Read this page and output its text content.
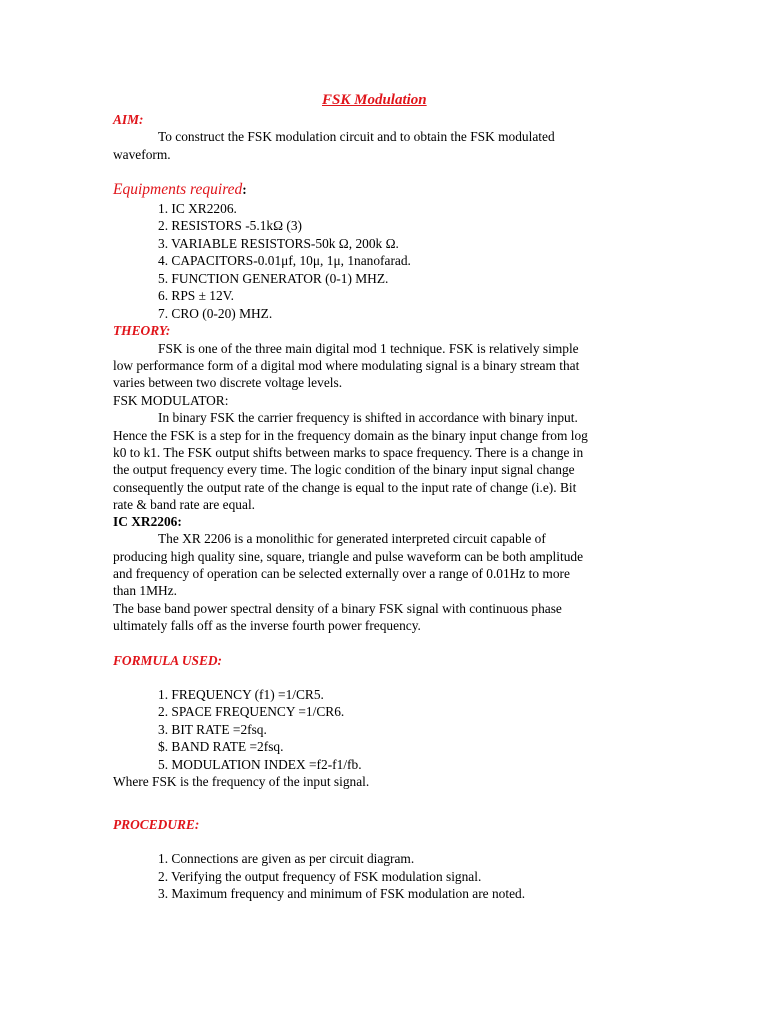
FSK Modulation
AIM:
To construct the FSK modulation circuit and to obtain the FSK modulated
waveform.
Equipments required:
1. IC XR2206.
2. RESISTORS -5.1kΩ (3)
3. VARIABLE RESISTORS-50k Ω, 200k Ω.
4. CAPACITORS-0.01μf, 10μ, 1μ, 1nanofarad.
5. FUNCTION GENERATOR (0-1) MHZ.
6. RPS ± 12V.
7. CRO (0-20) MHZ.
THEORY:
FSK is one of the three main digital mod 1 technique. FSK is relatively simple
low performance form of a digital mod where modulating signal is a binary stream that
varies between two discrete voltage levels.
FSK MODULATOR:
In binary FSK the carrier frequency is shifted in accordance with binary input.
Hence the FSK is a step for in the frequency domain as the binary input change from log
k0 to k1. The FSK output shifts between marks to space frequency. There is a change in
the output frequency every time. The logic condition of the binary input signal change
consequently the output rate of the change is equal to the input rate of change (i.e). Bit
rate & band rate are equal.
IC XR2206:
The XR 2206 is a monolithic for generated interpreted circuit capable of
producing high quality sine, square, triangle and pulse waveform can be both amplitude
and frequency of operation can be selected externally over a range of 0.01Hz to more
than 1MHz.
The base band power spectral density of a binary FSK signal with continuous phase
ultimately falls off as the inverse fourth power frequency.
FORMULA USED:
1. FREQUENCY (f1) =1/CR5.
2. SPACE FREQUENCY =1/CR6.
3. BIT RATE =2fsq.
$. BAND RATE =2fsq.
5. MODULATION INDEX =f2-f1/fb.
Where FSK is the frequency of the input signal.
PROCEDURE:
1. Connections are given as per circuit diagram.
2. Verifying the output frequency of FSK modulation signal.
3. Maximum frequency and minimum of FSK modulation are noted.
